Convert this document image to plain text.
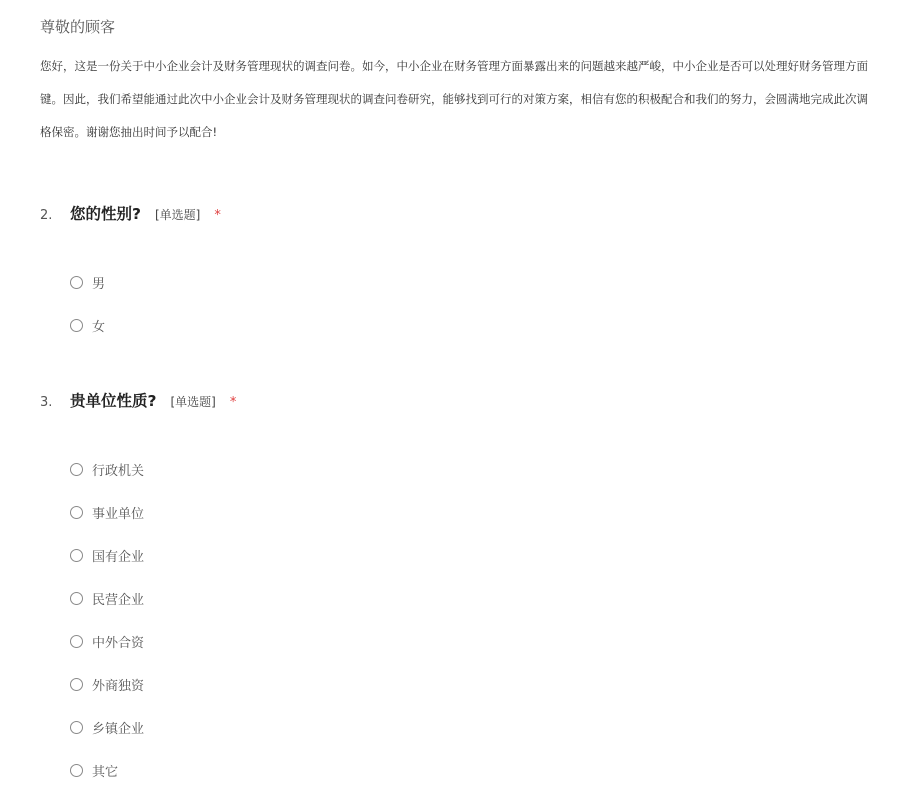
尊敬的顾客
您好，这是一份关于中小企业会计及财务管理现状的调查问卷。如今，中小企业在财务管理方面暴露出来的问题越来越严峻，中小企业是否可以处理好财务管理方面
键。因此，我们希望能通过此次中小企业会计及财务管理现状的调查问卷研究，能够找到可行的对策方案，相信有您的积极配合和我们的努力，会圆满地完成此次调
格保密。谢谢您抽出时间予以配合!
2.	您的性别? [单选题] *
男
女
3.	贵单位性质? [单选题] *
行政机关
事业单位
国有企业
民营企业
中外合资
外商独资
乡镇企业
其它
